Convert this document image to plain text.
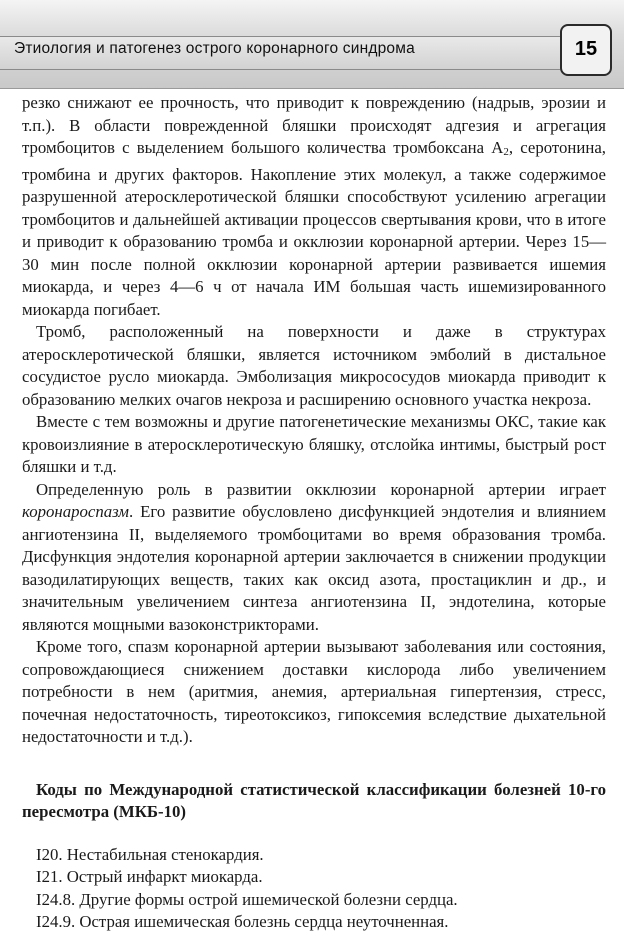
Этиология и патогенез острого коронарного синдрома	15

резко снижают ее прочность, что приводит к повреждению (надрыв, эрозии и т.п.). В области поврежденной бляшки происходят адгезия и агрегация тромбоцитов с выделением большого количества тромбоксана А2, серотонина, тромбина и других факторов. Накопление этих молекул, а также содержимое разрушенной атеросклеротической бляшки способствуют усилению агрегации тромбоцитов и дальнейшей активации процессов свертывания крови, что в итоге и приводит к образованию тромба и окклюзии коронарной артерии. Через 15—30 мин после полной окклюзии коронарной артерии развивается ишемия миокарда, и через 4—6 ч от начала ИМ большая часть ишемизированного миокарда погибает.

Тромб, расположенный на поверхности и даже в структурах атеросклеротической бляшки, является источником эмболий в дистальное сосудистое русло миокарда. Эмболизация микрососудов миокарда приводит к образованию мелких очагов некроза и расширению основного участка некроза.

Вместе с тем возможны и другие патогенетические механизмы ОКС, такие как кровоизлияние в атеросклеротическую бляшку, отслойка интимы, быстрый рост бляшки и т.д.

Определенную роль в развитии окклюзии коронарной артерии играет коронароспазм. Его развитие обусловлено дисфункцией эндотелия и влиянием ангиотензина II, выделяемого тромбоцитами во время образования тромба. Дисфункция эндотелия коронарной артерии заключается в снижении продукции вазодилатирующих веществ, таких как оксид азота, простациклин и др., и значительным увеличением синтеза ангиотензина II, эндотелина, которые являются мощными вазоконстрикторами.

Кроме того, спазм коронарной артерии вызывают заболевания или состояния, сопровождающиеся снижением доставки кислорода либо увеличением потребности в нем (аритмия, анемия, артериальная гипертензия, стресс, почечная недостаточность, тиреотоксикоз, гипоксемия вследствие дыхательной недостаточности и т.д.).

Коды по Международной статистической классификации болезней 10-го пересмотра (МКБ-10)

I20. Нестабильная стенокардия.

I21. Острый инфаркт миокарда.

I24.8. Другие формы острой ишемической болезни сердца.

I24.9. Острая ишемическая болезнь сердца неуточненная.
